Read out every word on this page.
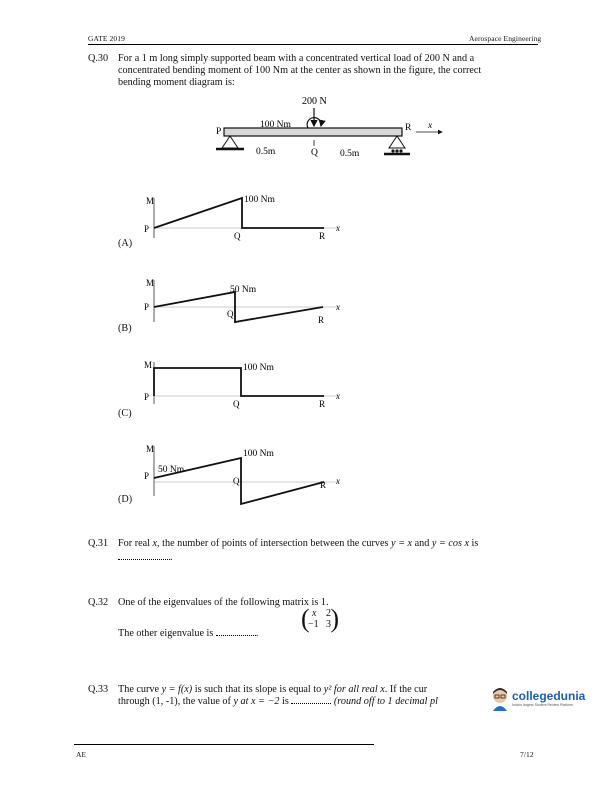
GATE 2019	Aerospace Engineering
Q.30 For a 1 m long simply supported beam with a concentrated vertical load of 200 N and a
concentrated bending moment of 100 Nm at the center as shown in the figure, the correct
bending moment diagram is:
200 N
100 Nm
P	R x
Q
0.5m	0.5m
(A)
M
P
100 Nm
Q	R
x
(B)
M
P
50 Nm
Q
R
x
(C)
M
P
100 Nm
Q	R
x
(D)
M
P
100 Nm
50 Nm
Q	R x
Q.31 For real x, the number of points of intersection between the curves y = x and y = cos x is
.
Q.32 One of the eigenvalues of the following matrix is 1.
( )
x 2
−1 3
The other eigenvalue is	.
Q.33 The curve y = f(x) is such that its slope is equal to y² for all real x. If the cur
through (1, -1), the value of y at x = −2 is	(round off to 1 decimal pl	collegedunia
India's largest Student Review Platform
AE	7/12
